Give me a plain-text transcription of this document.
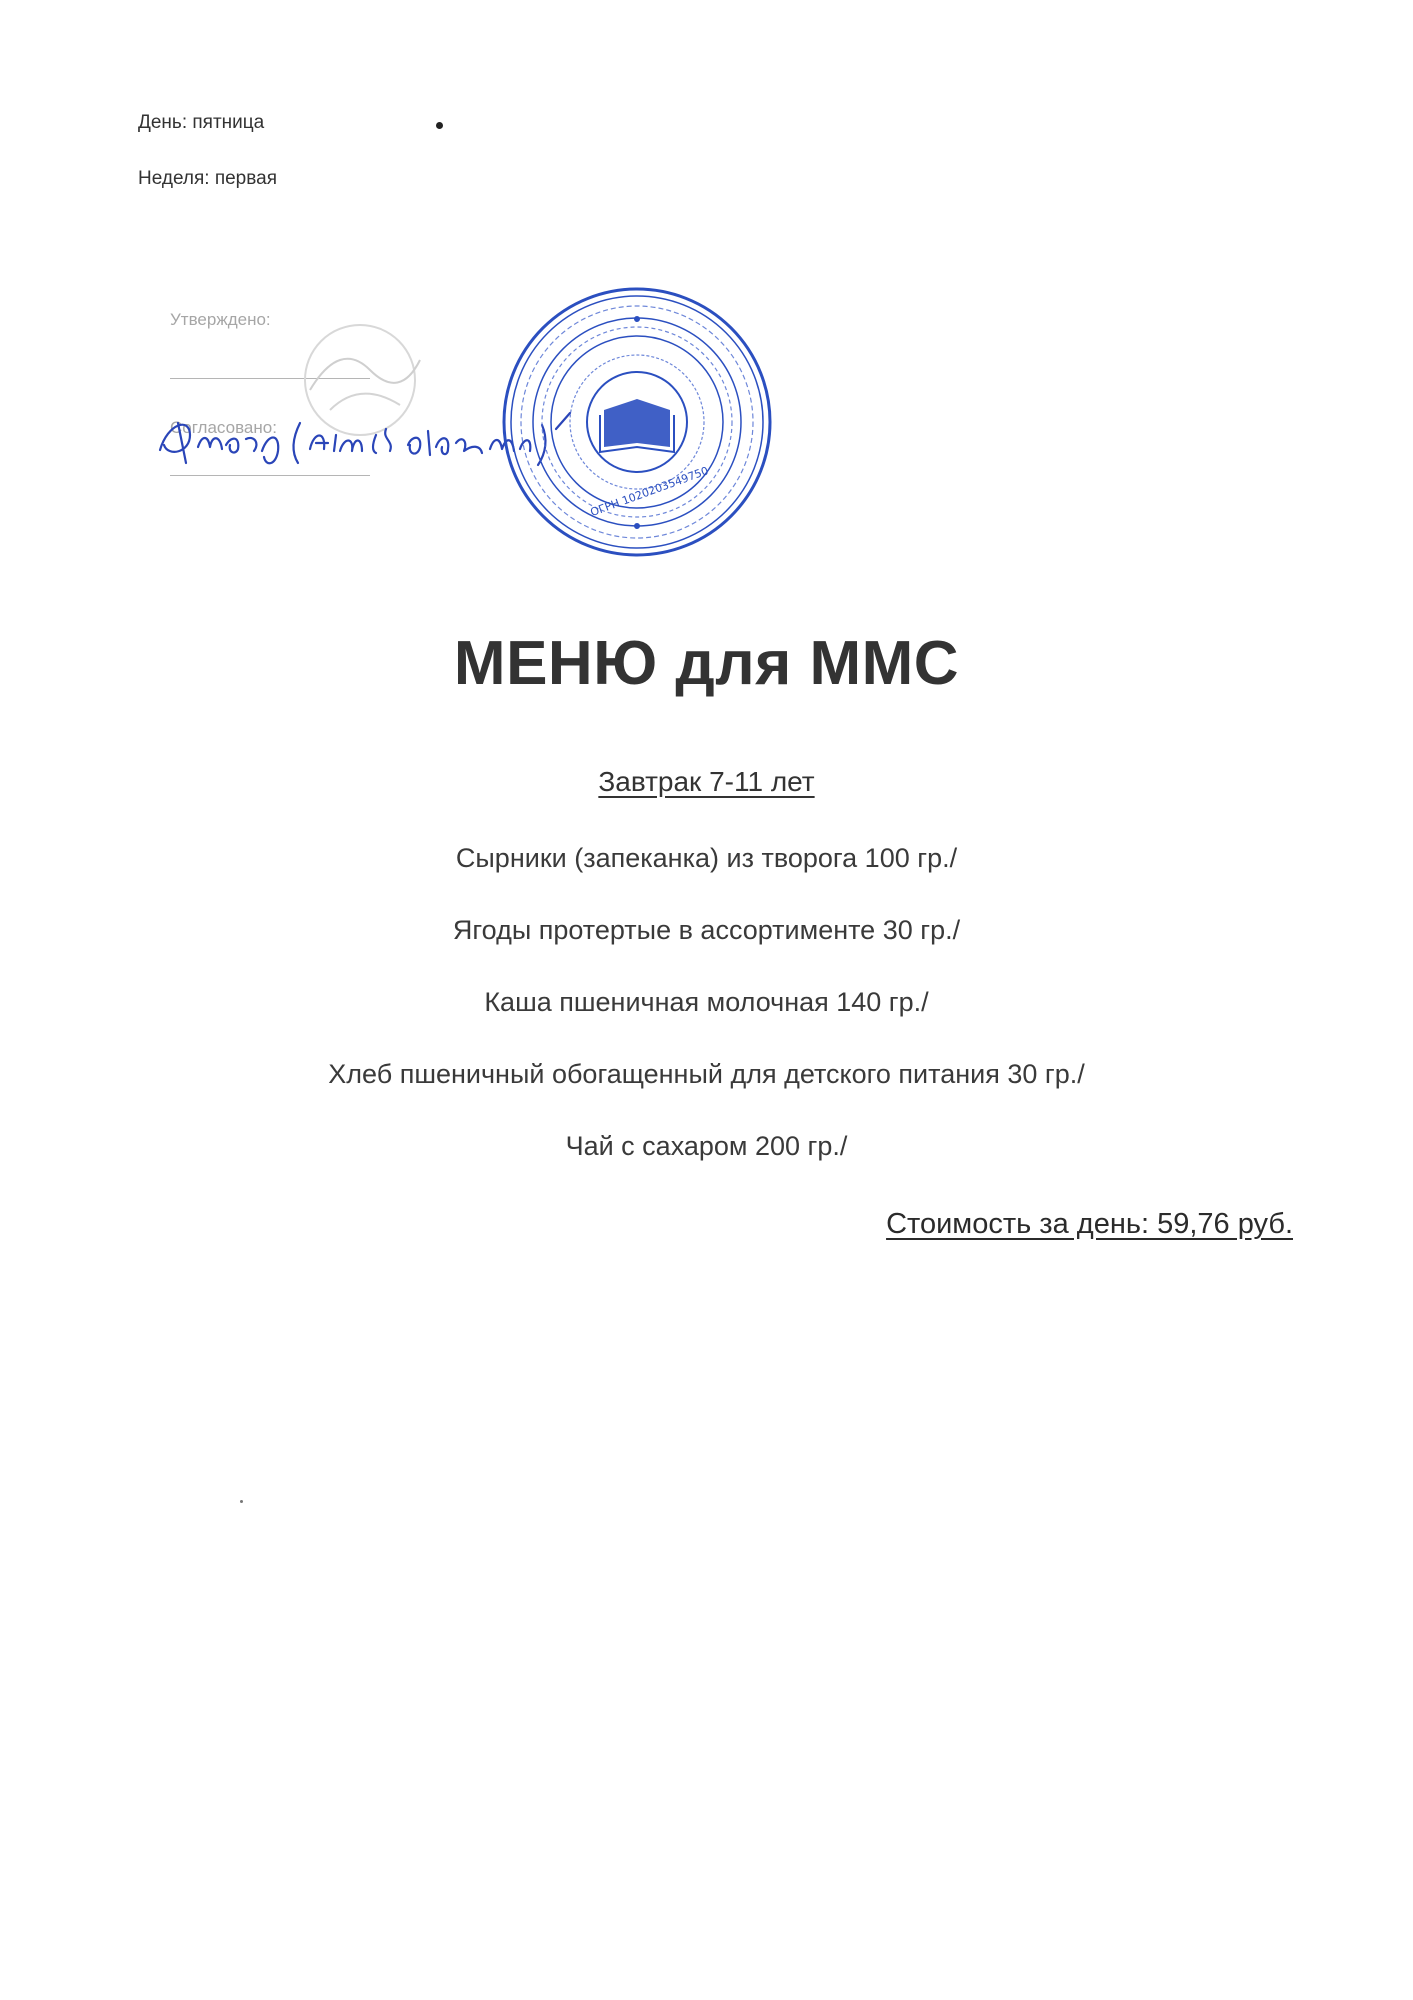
День: пятница
Неделя: первая
Утверждено:
Согласовано:
ОГРН 1020203549750
МЕНЮ для ММС
Завтрак 7-11 лет
Сырники (запеканка) из творога 100 гр./
Ягоды протертые в ассортименте 30 гр./
Каша пшеничная молочная 140 гр./
Хлеб пшеничный обогащенный для детского питания 30 гр./
Чай с сахаром 200 гр./
Стоимость за день: 59,76 руб.
